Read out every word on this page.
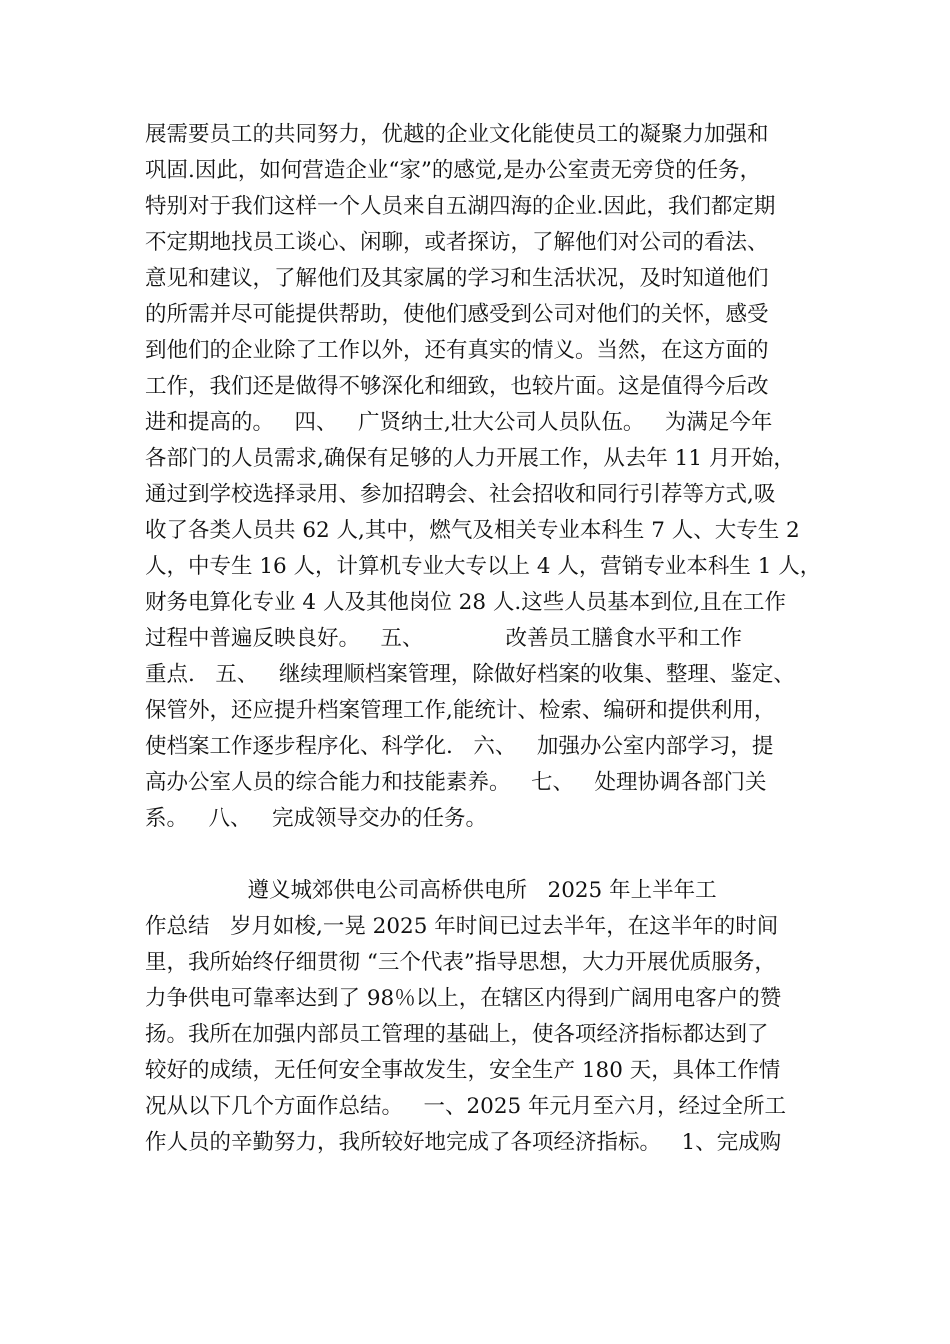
展需要员工的共同努力，优越的企业文化能使员工的凝聚力加强和
巩固.因此，如何营造企业“家”的感觉,是办公室责无旁贷的任务，
特别对于我们这样一个人员来自五湖四海的企业.因此，我们都定期
不定期地找员工谈心、闲聊，或者探访，了解他们对公司的看法、
意见和建议，了解他们及其家属的学习和生活状况，及时知道他们
的所需并尽可能提供帮助，使他们感受到公司对他们的关怀，感受
到他们的企业除了工作以外，还有真实的情义。当然，在这方面的
工作，我们还是做得不够深化和细致，也较片面。这是值得今后改
进和提高的。   四、   广贤纳士,壮大公司人员队伍。   为满足今年
各部门的人员需求,确保有足够的人力开展工作，从去年 11 月开始，
通过到学校选择录用、参加招聘会、社会招收和同行引荐等方式,吸
收了各类人员共 62 人,其中，燃气及相关专业本科生 7 人、大专生 2
人，中专生 16 人，计算机专业大专以上 4 人，营销专业本科生 1 人，
财务电算化专业 4 人及其他岗位 28 人.这些人员基本到位,且在工作
过程中普遍反映良好。   五、            改善员工膳食水平和工作
重点.   五、   继续理顺档案管理，除做好档案的收集、整理、鉴定、
保管外，还应提升档案管理工作,能统计、检索、编研和提供利用，
使档案工作逐步程序化、科学化.   六、   加强办公室内部学习，提
高办公室人员的综合能力和技能素养。   七、   处理协调各部门关
系。   八、   完成领导交办的任务。
遵义城郊供电公司高桥供电所   2025 年上半年工
作总结   岁月如梭,一晃 2025 年时间已过去半年，在这半年的时间
里，我所始终仔细贯彻 “三个代表”指导思想，大力开展优质服务，
力争供电可靠率达到了 98％以上，在辖区内得到广阔用电客户的赞
扬。我所在加强内部员工管理的基础上，使各项经济指标都达到了
较好的成绩，无任何安全事故发生，安全生产 180 天，具体工作情
况从以下几个方面作总结。   一、2025 年元月至六月，经过全所工
作人员的辛勤努力，我所较好地完成了各项经济指标。   1、完成购
